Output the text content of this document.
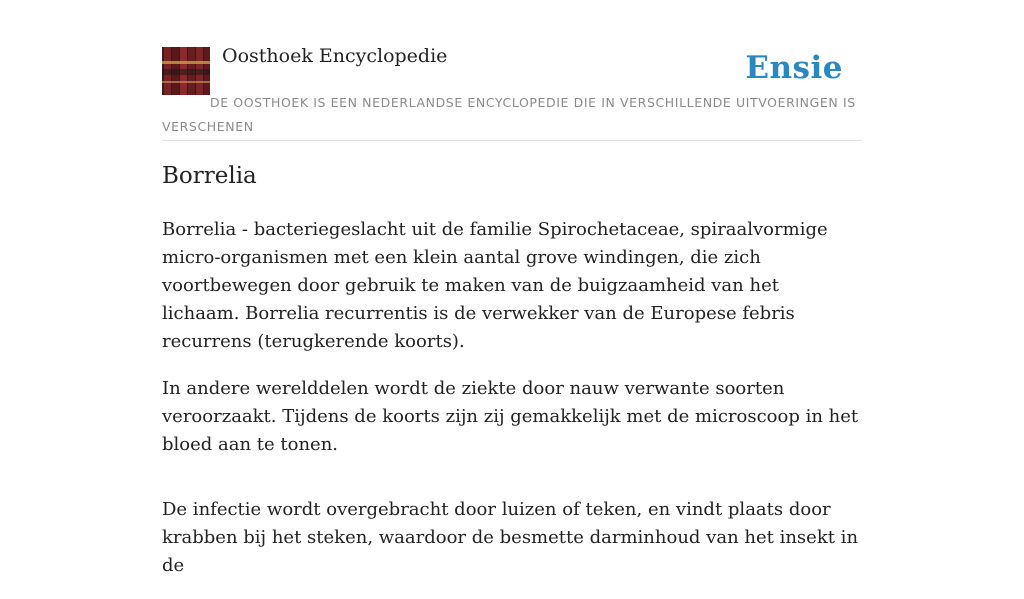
Oosthoek Encyclopedie	Ensie
DE OOSTHOEK IS EEN NEDERLANDSE ENCYCLOPEDIE DIE IN VERSCHILLENDE UITVOERINGEN IS VERSCHENEN
Borrelia

Borrelia - bacteriegeslacht uit de familie Spirochetaceae, spiraalvormige micro-organismen met een klein aantal grove windingen, die zich voortbewegen door gebruik te maken van de buigzaamheid van het lichaam. Borrelia recurrentis is de verwekker van de Europese febris recurrens (terugkerende koorts).

In andere werelddelen wordt de ziekte door nauw verwante soorten veroorzaakt. Tijdens de koorts zijn zij gemakkelijk met de microscoop in het bloed aan te tonen.

De infectie wordt overgebracht door luizen of teken, en vindt plaats door krabben bij het steken, waardoor de besmette darminhoud van het insekt in de
